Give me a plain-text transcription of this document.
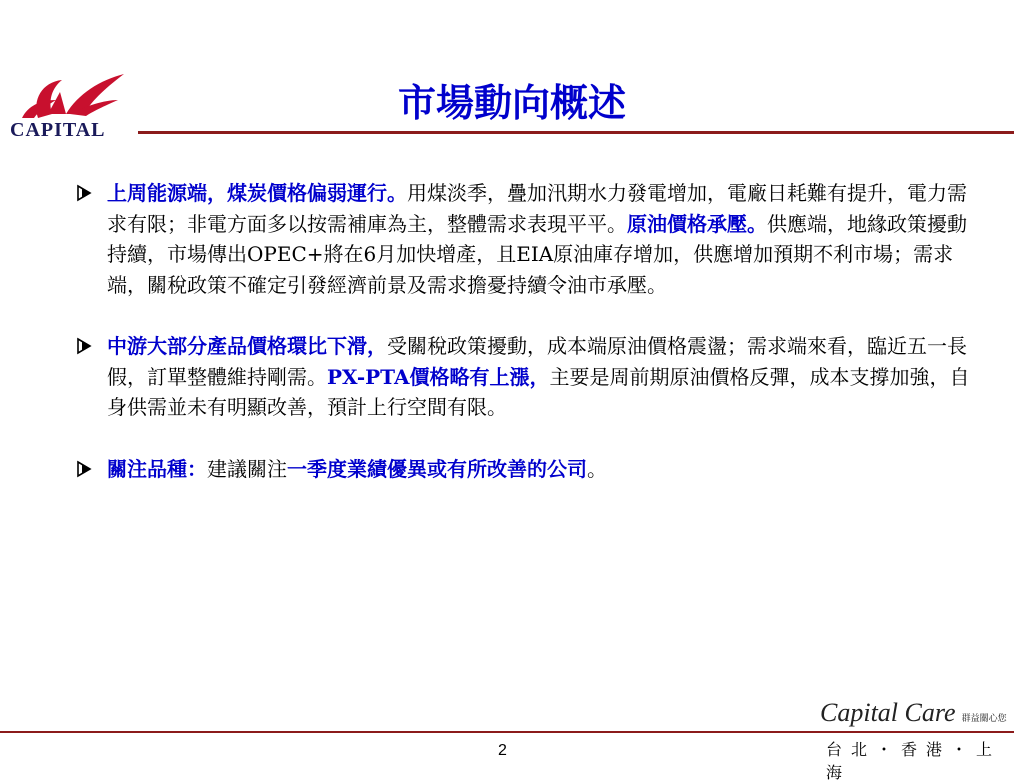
CAPITAL
市場動向概述
上周能源端，煤炭價格偏弱運行。用煤淡季，疊加汛期水力發電增加，電廠日耗難有提升，電力需求有限；非電方面多以按需補庫為主，整體需求表現平平。原油價格承壓。供應端，地緣政策擾動持續，市場傳出OPEC+將在6月加快增產，且EIA原油庫存增加，供應增加預期不利市場；需求端，關稅政策不確定引發經濟前景及需求擔憂持續令油市承壓。
中游大部分產品價格環比下滑，受關稅政策擾動，成本端原油價格震盪；需求端來看，臨近五一長假，訂單整體維持剛需。PX-PTA價格略有上漲，主要是周前期原油價格反彈，成本支撐加強，自身供需並未有明顯改善，預計上行空間有限。
關注品種：建議關注一季度業績優異或有所改善的公司。
Capital Care 群益關心您
2	台北・香港・上海
